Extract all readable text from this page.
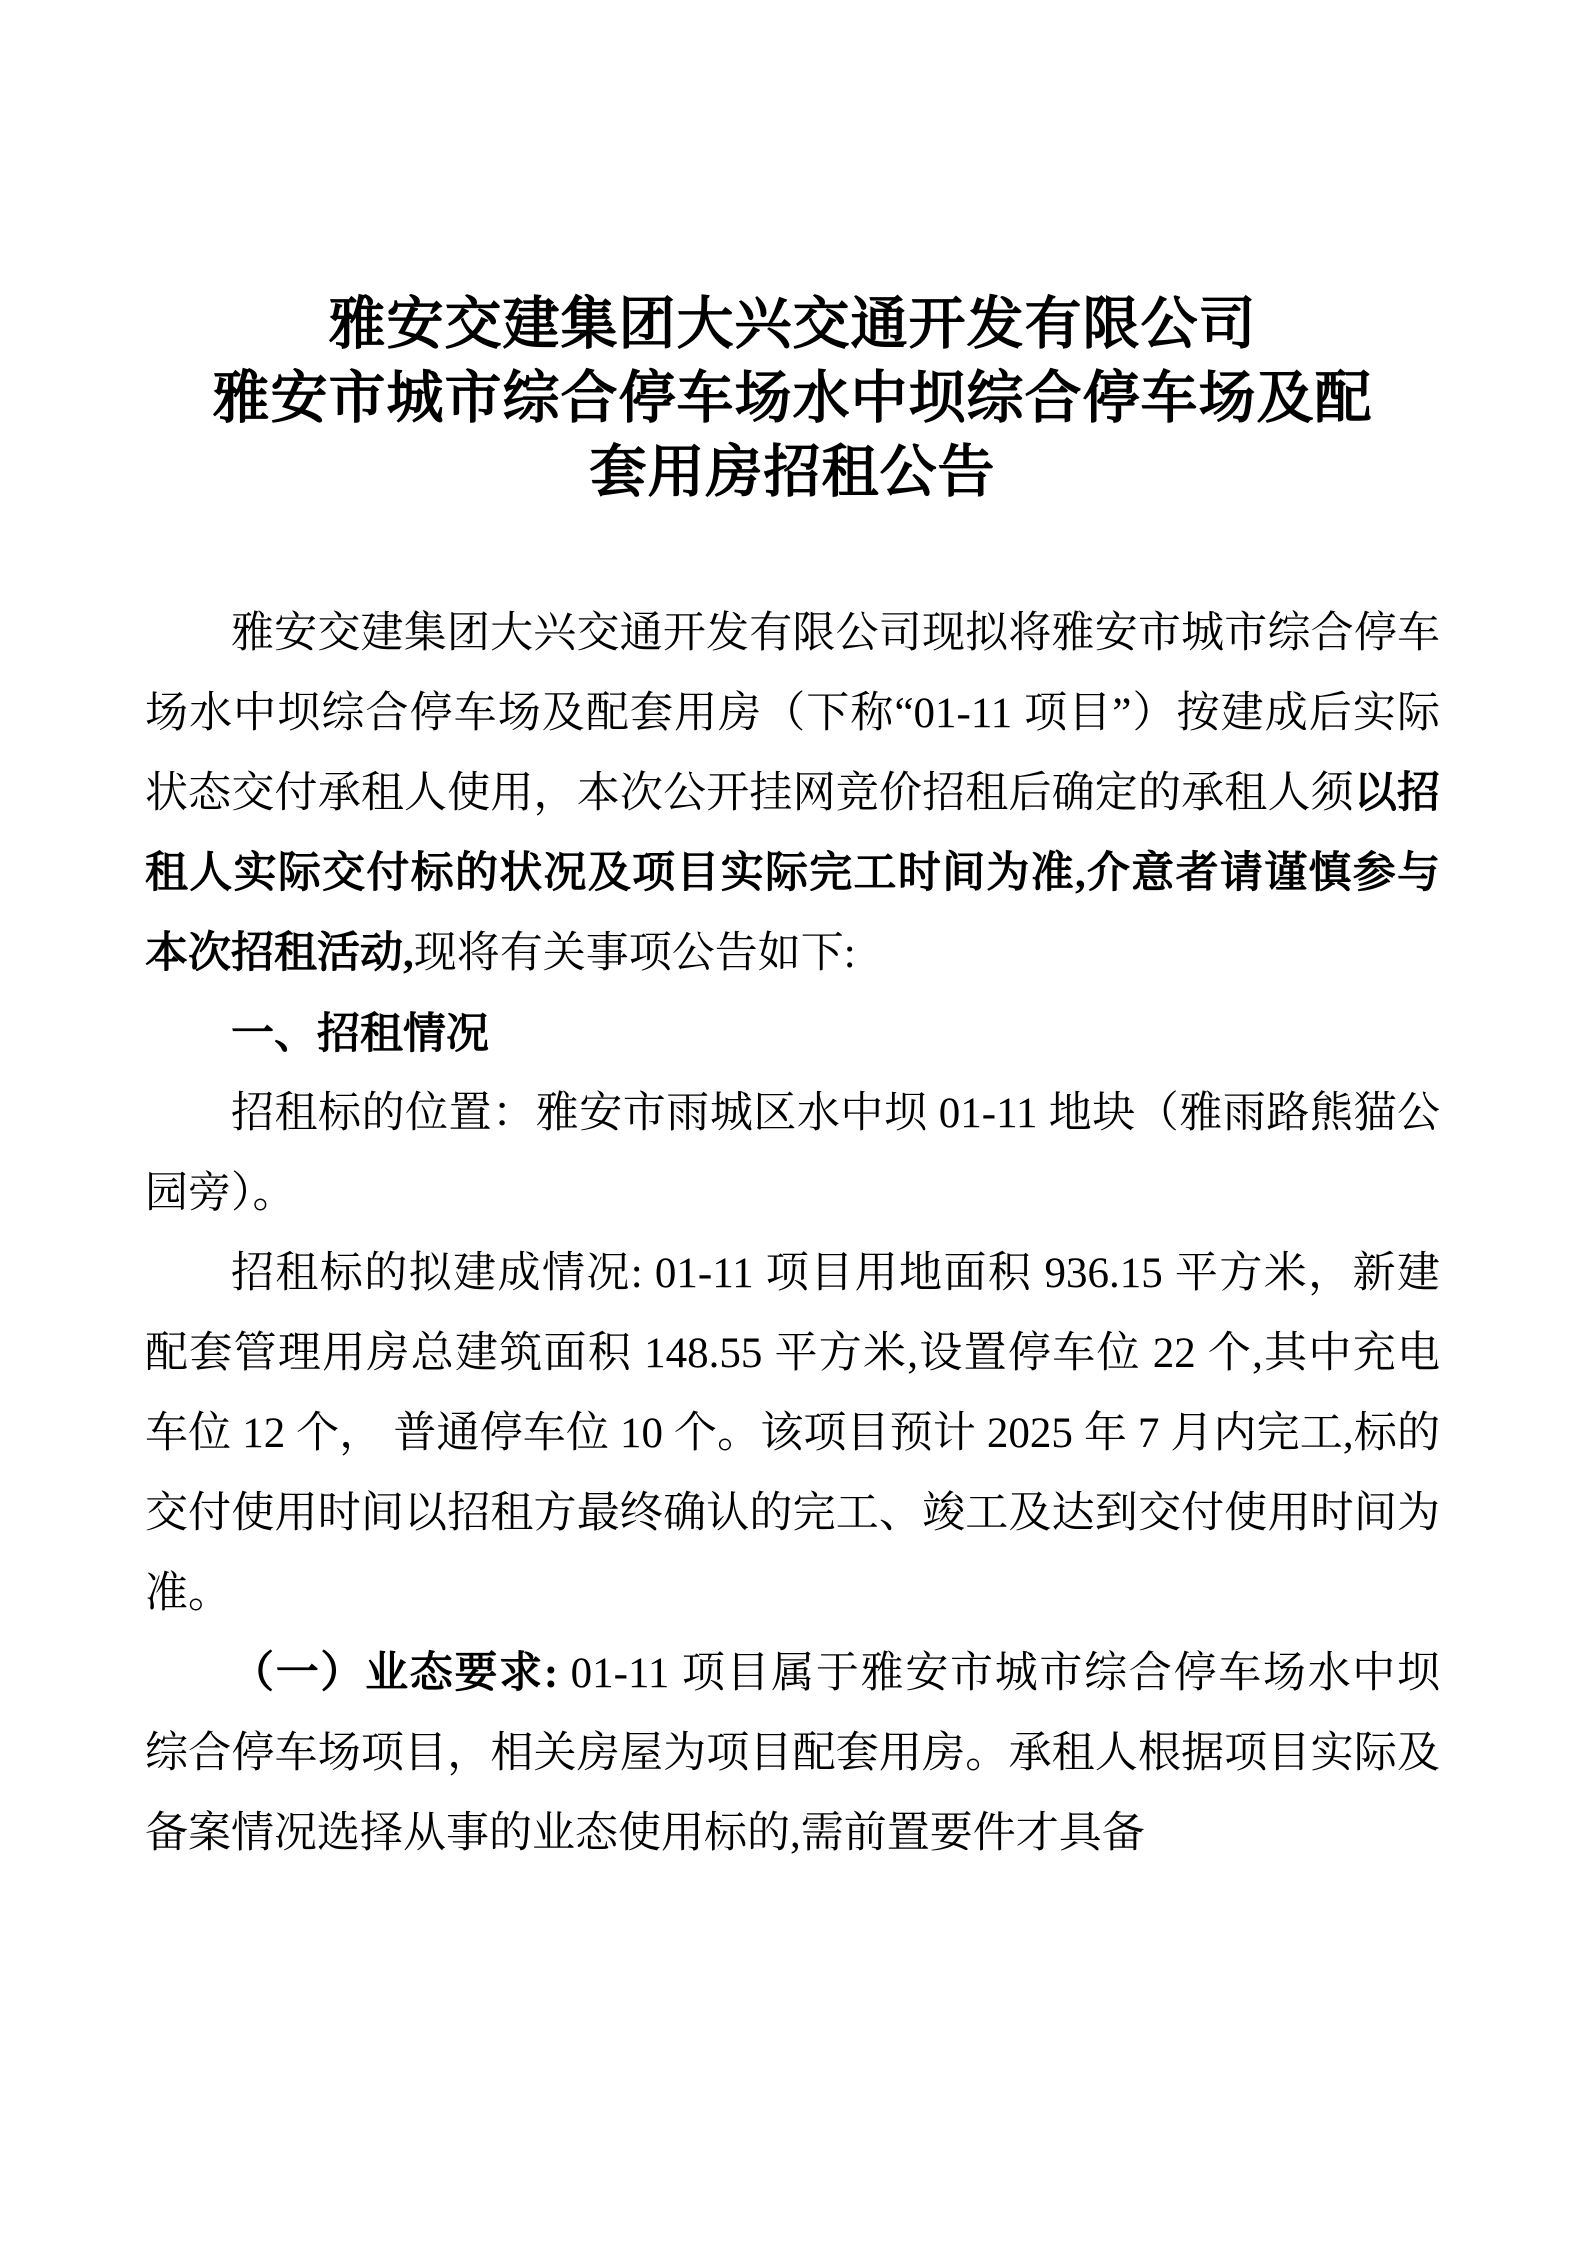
雅安交建集团大兴交通开发有限公司
雅安市城市综合停车场水中坝综合停车场及配
套用房招租公告

雅安交建集团大兴交通开发有限公司现拟将雅安市城市综合停车场水中坝综合停车场及配套用房（下称“01-11 项目”）按建成后实际状态交付承租人使用，本次公开挂网竞价招租后确定的承租人须以招租人实际交付标的状况及项目实际完工时间为准,介意者请谨慎参与本次招租活动,现将有关事项公告如下:

一、招租情况

招租标的位置：雅安市雨城区水中坝 01-11 地块（雅雨路熊猫公园旁）。

招租标的拟建成情况: 01-11 项目用地面积 936.15 平方米，新建配套管理用房总建筑面积 148.55 平方米,设置停车位 22 个,其中充电车位 12 个， 普通停车位 10 个。该项目预计 2025 年 7 月内完工,标的交付使用时间以招租方最终确认的完工、竣工及达到交付使用时间为准。

（一）业态要求: 01-11 项目属于雅安市城市综合停车场水中坝综合停车场项目，相关房屋为项目配套用房。承租人根据项目实际及备案情况选择从事的业态使用标的,需前置要件才具备
